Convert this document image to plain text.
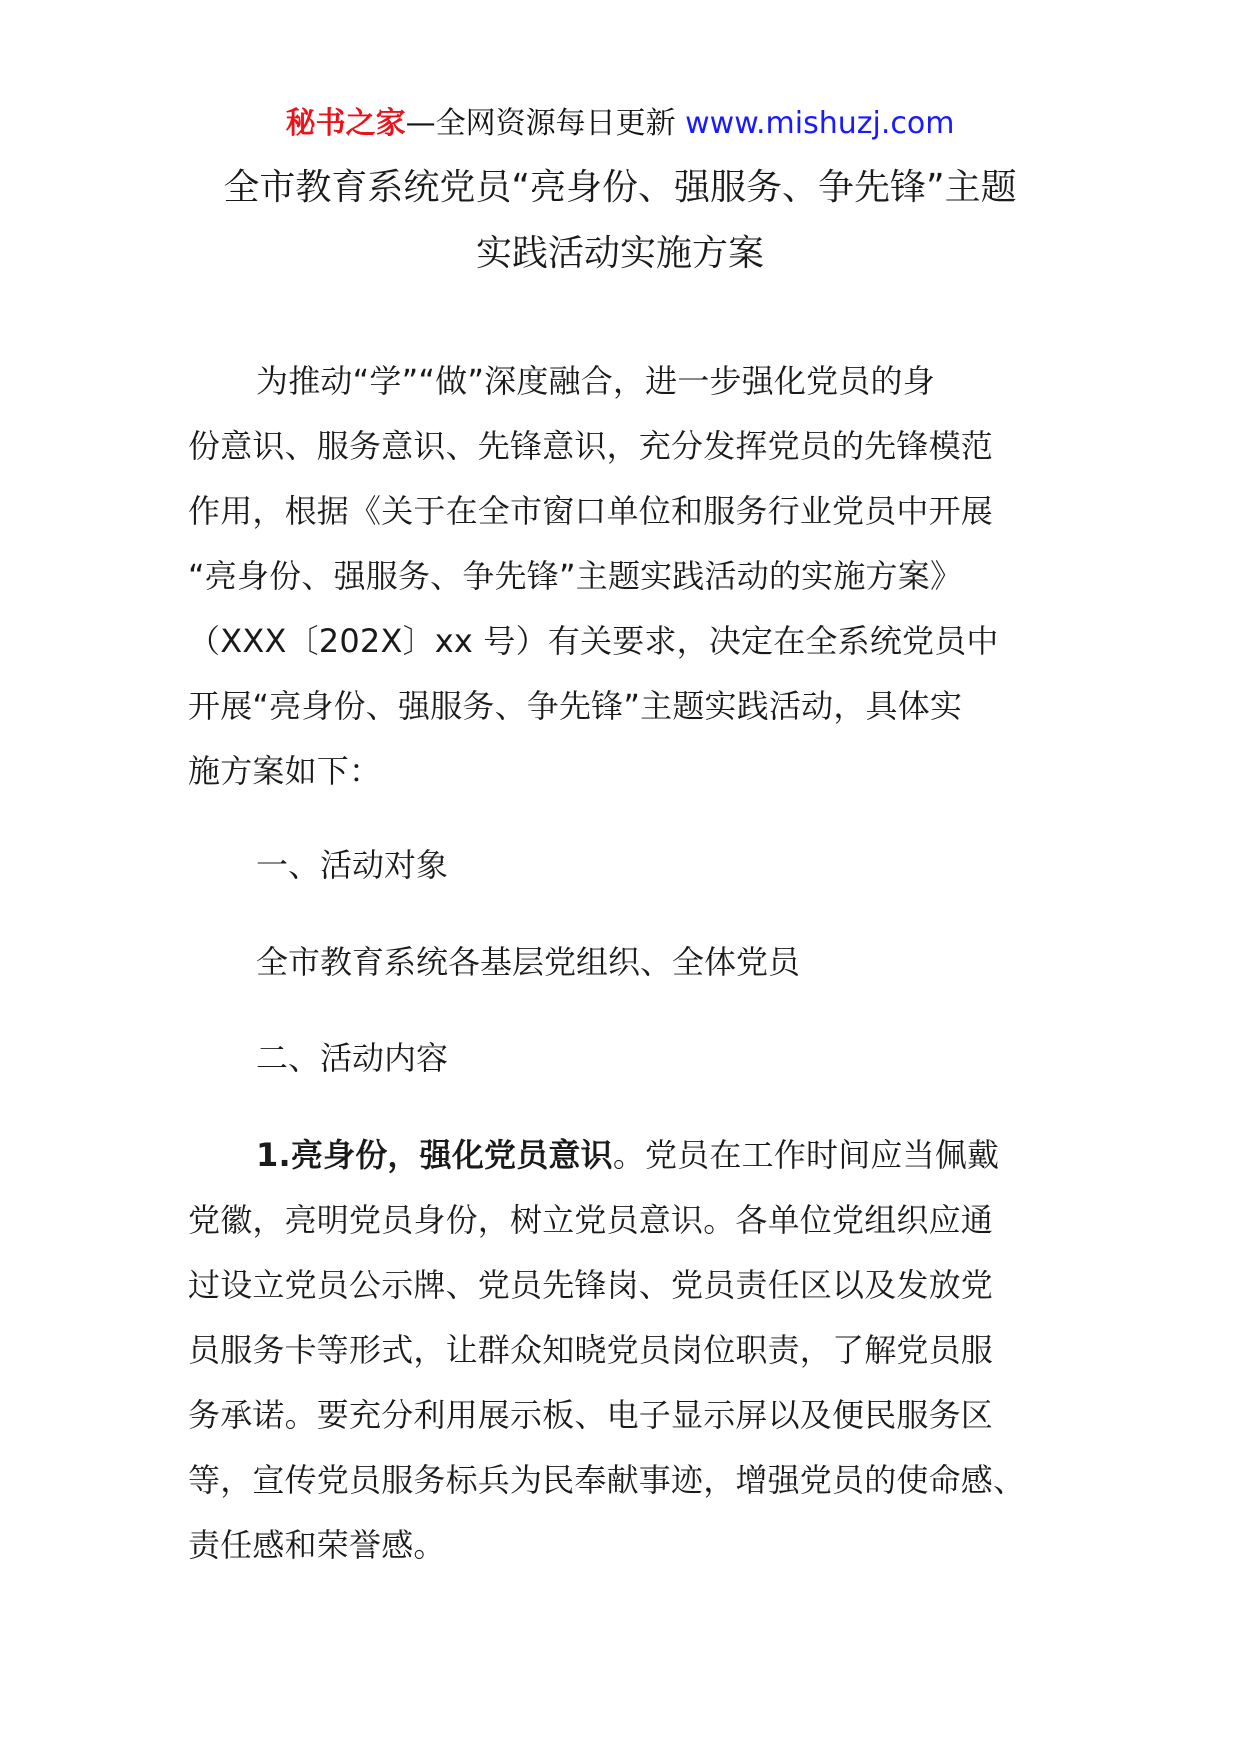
秘书之家—全网资源每日更新 www.mishuzj.com
全市教育系统党员“亮身份、强服务、争先锋”主题
实践活动实施方案
为推动“学”“做”深度融合，进一步强化党员的身
份意识、服务意识、先锋意识，充分发挥党员的先锋模范
作用，根据《关于在全市窗口单位和服务行业党员中开展
“亮身份、强服务、争先锋”主题实践活动的实施方案》
（XXX〔202X〕xx 号）有关要求，决定在全系统党员中
开展“亮身份、强服务、争先锋”主题实践活动，具体实
施方案如下：
一、活动对象
全市教育系统各基层党组织、全体党员
二、活动内容
1.亮身份，强化党员意识。党员在工作时间应当佩戴
党徽，亮明党员身份，树立党员意识。各单位党组织应通
过设立党员公示牌、党员先锋岗、党员责任区以及发放党
员服务卡等形式，让群众知晓党员岗位职责，了解党员服
务承诺。要充分利用展示板、电子显示屏以及便民服务区
等，宣传党员服务标兵为民奉献事迹，增强党员的使命感、
责任感和荣誉感。
